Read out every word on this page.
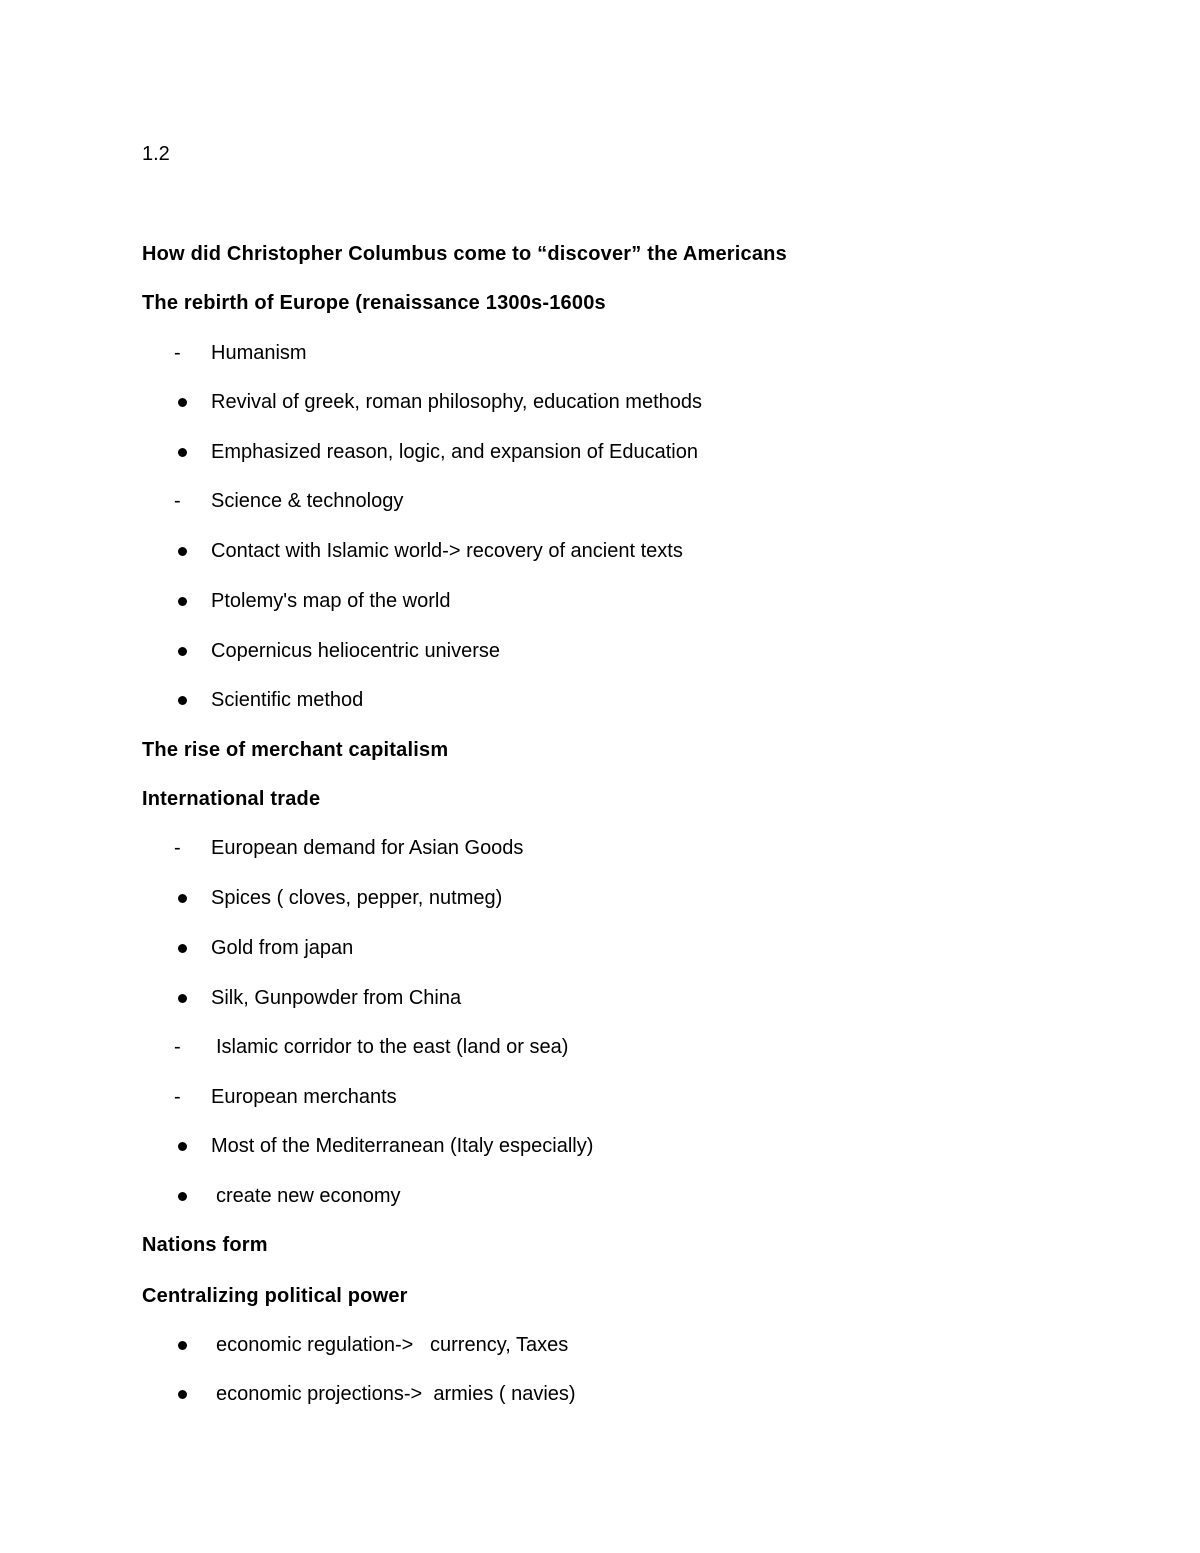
1.2
How did Christopher Columbus come to “discover” the Americans
The rebirth of Europe (renaissance 1300s-1600s
-
Humanism
Revival of greek, roman philosophy, education methods
Emphasized reason, logic, and expansion of Education
-
Science & technology
Contact with Islamic world-> recovery of ancient texts
Ptolemy's map of the world
Copernicus heliocentric universe
Scientific method
The rise of merchant capitalism
International trade
-
European demand for Asian Goods
Spices ( cloves, pepper, nutmeg)
Gold from japan
Silk, Gunpowder from China
-
Islamic corridor to the east (land or sea)
-
European merchants
Most of the Mediterranean (Italy especially)
create new economy
Nations form
Centralizing political power
economic regulation->   currency, Taxes
economic projections->  armies ( navies)
